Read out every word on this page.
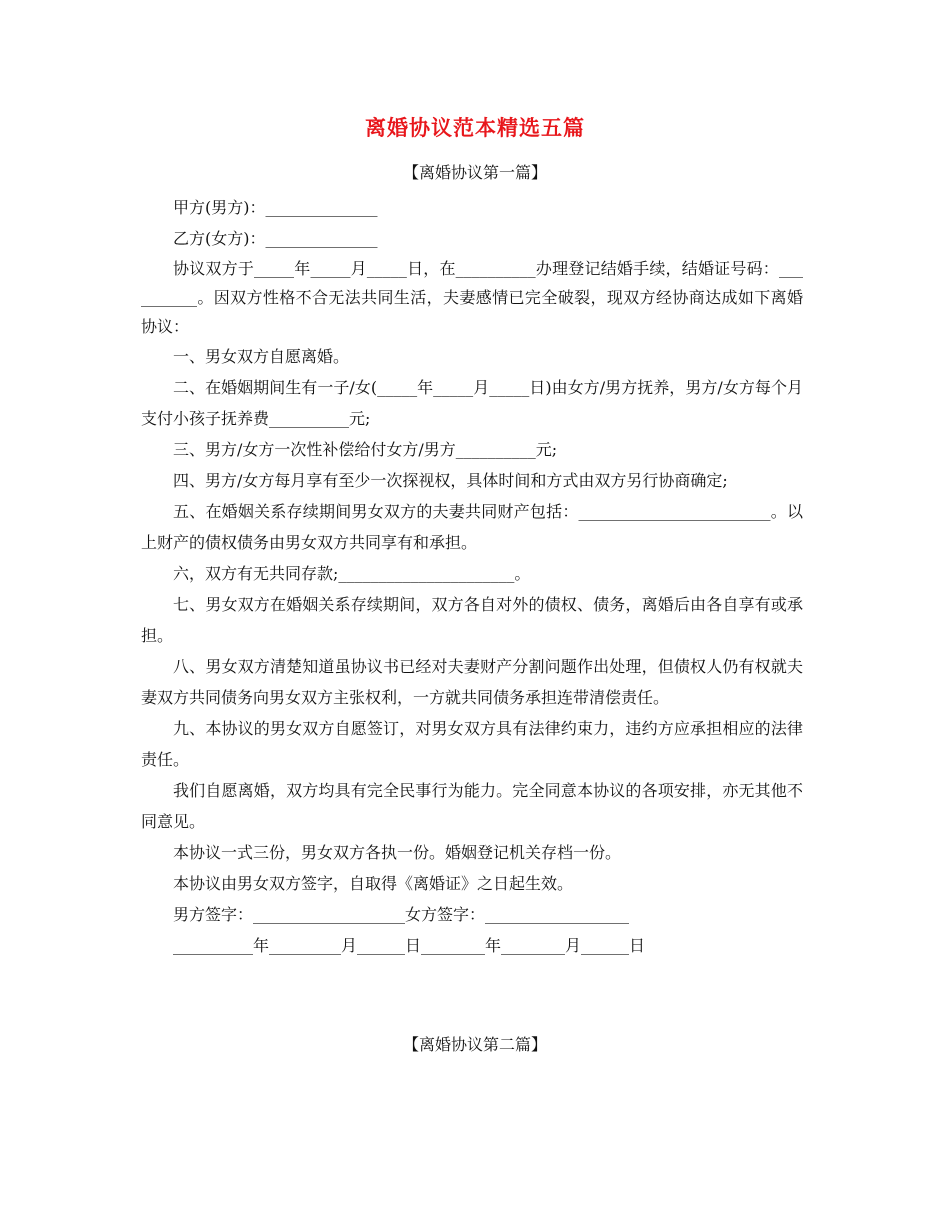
离婚协议范本精选五篇
【离婚协议第一篇】

甲方(男方)：______________

乙方(女方)：______________

协议双方于_____年_____月_____日，在__________办理登记结婚手续，结婚证号码：__________。因双方性格不合无法共同生活，夫妻感情已完全破裂，现双方经协商达成如下离婚协议：

一、男女双方自愿离婚。

二、在婚姻期间生有一子/女(_____年_____月_____日)由女方/男方抚养，男方/女方每个月支付小孩子抚养费__________元;

三、男方/女方一次性补偿给付女方/男方__________元;

四、男方/女方每月享有至少一次探视权，具体时间和方式由双方另行协商确定;

五、在婚姻关系存续期间男女双方的夫妻共同财产包括：________________________。以上财产的债权债务由男女双方共同享有和承担。

六，双方有无共同存款;______________________。

七、男女双方在婚姻关系存续期间，双方各自对外的债权、债务，离婚后由各自享有或承担。

八、男女双方清楚知道虽协议书已经对夫妻财产分割问题作出处理，但债权人仍有权就夫妻双方共同债务向男女双方主张权利，一方就共同债务承担连带清偿责任。

九、本协议的男女双方自愿签订，对男女双方具有法律约束力，违约方应承担相应的法律责任。

我们自愿离婚，双方均具有完全民事行为能力。完全同意本协议的各项安排，亦无其他不同意见。

本协议一式三份，男女双方各执一份。婚姻登记机关存档一份。

本协议由男女双方签字，自取得《离婚证》之日起生效。

男方签字：___________________女方签字：__________________

__________年_________月______日________年________月______日

【离婚协议第二篇】
